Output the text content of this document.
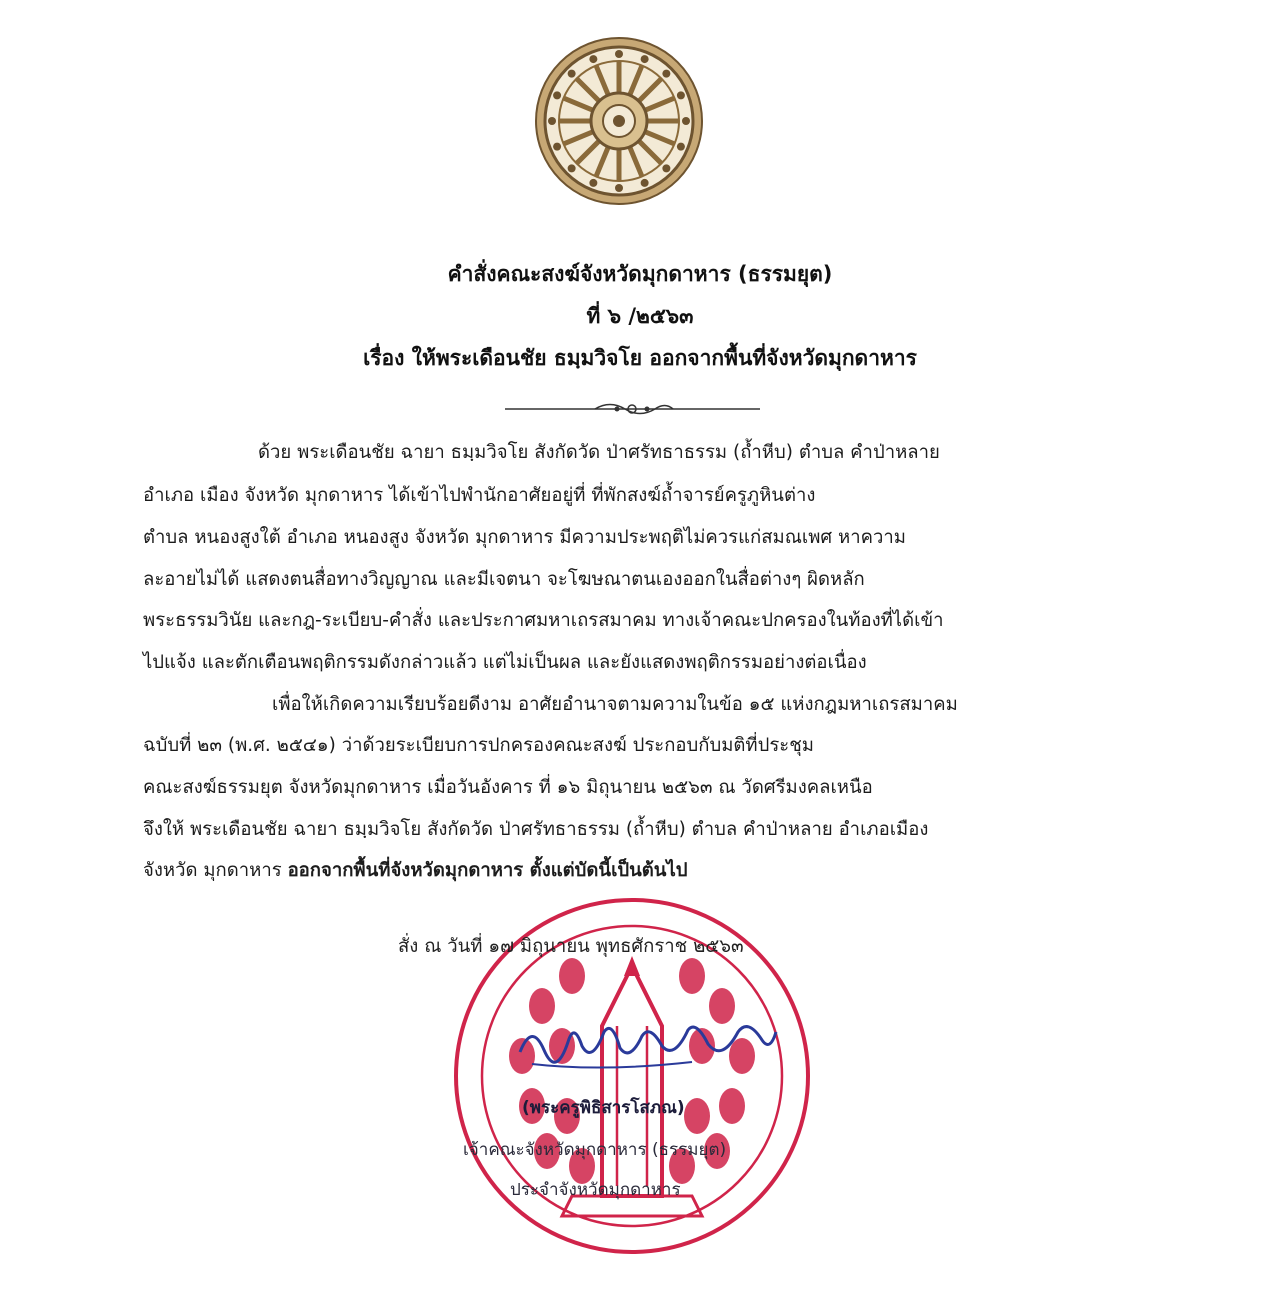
คำสั่งคณะสงฆ์จังหวัดมุกดาหาร (ธรรมยุต)
ที่ ๖ /๒๕๖๓
เรื่อง ให้พระเดือนชัย ธมฺมวิจโย ออกจากพื้นที่จังหวัดมุกดาหาร
ด้วย พระเดือนชัย ฉายา ธมฺมวิจโย สังกัดวัด ป่าศรัทธาธรรม (ถ้ำหีบ) ตำบล คำป่าหลาย
อำเภอ เมือง จังหวัด มุกดาหาร ได้เข้าไปพำนักอาศัยอยู่ที่ ที่พักสงฆ์ถ้ำจารย์ครูภูหินต่าง
ตำบล หนองสูงใต้ อำเภอ หนองสูง จังหวัด มุกดาหาร มีความประพฤติไม่ควรแก่สมณเพศ หาความ
ละอายไม่ได้ แสดงตนสื่อทางวิญญาณ และมีเจตนา จะโฆษณาตนเองออกในสื่อต่างๆ ผิดหลัก
พระธรรมวินัย และกฎ-ระเบียบ-คำสั่ง และประกาศมหาเถรสมาคม ทางเจ้าคณะปกครองในท้องที่ได้เข้า
ไปแจ้ง และตักเตือนพฤติกรรมดังกล่าวแล้ว แต่ไม่เป็นผล และยังแสดงพฤติกรรมอย่างต่อเนื่อง
เพื่อให้เกิดความเรียบร้อยดีงาม อาศัยอำนาจตามความในข้อ ๑๕ แห่งกฎมหาเถรสมาคม
ฉบับที่ ๒๓ (พ.ศ. ๒๕๔๑) ว่าด้วยระเบียบการปกครองคณะสงฆ์ ประกอบกับมติที่ประชุม
คณะสงฆ์ธรรมยุต จังหวัดมุกดาหาร เมื่อวันอังคาร ที่ ๑๖ มิถุนายน ๒๕๖๓ ณ วัดศรีมงคลเหนือ
จึงให้ พระเดือนชัย ฉายา ธมฺมวิจโย สังกัดวัด ป่าศรัทธาธรรม (ถ้ำหีบ) ตำบล คำป่าหลาย อำเภอเมือง
จังหวัด มุกดาหาร ออกจากพื้นที่จังหวัดมุกดาหาร ตั้งแต่บัดนี้เป็นต้นไป
สั่ง ณ วันที่ ๑๗ มิถุนายน พุทธศักราช ๒๕๖๓
(พระครูพิธิสารโสภณ)
เจ้าคณะจังหวัดมุกดาหาร (ธรรมยุต)
ประจำจังหวัดมุกดาหาร
